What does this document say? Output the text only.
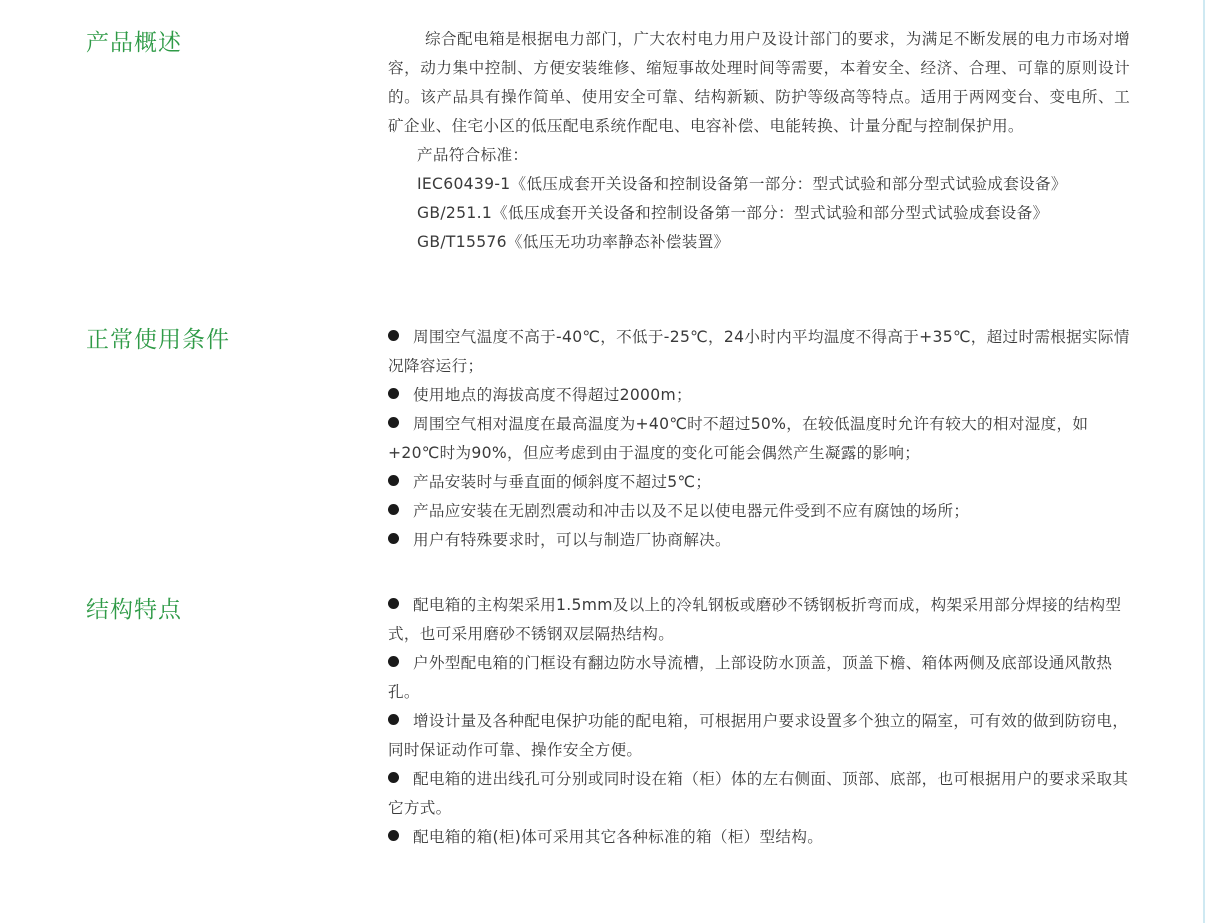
产品概述	综合配电箱是根据电力部门，广大农村电力用户及设计部门的要求，为满足不断发展的电力市场对增容，动力集中控制、方便安装维修、缩短事故处理时间等需要，本着安全、经济、合理、可靠的原则设计的。该产品具有操作简单、使用安全可靠、结构新颖、防护等级高等特点。适用于两网变台、变电所、工矿企业、住宅小区的低压配电系统作配电、电容补偿、电能转换、计量分配与控制保护用。

产品符合标准：

IEC60439-1《低压成套开关设备和控制设备第一部分：型式试验和部分型式试验成套设备》

GB/251.1《低压成套开关设备和控制设备第一部分：型式试验和部分型式试验成套设备》

GB/T15576《低压无功功率静态补偿装置》

正常使用条件	周围空气温度不高于-40℃，不低于-25℃，24小时内平均温度不得高于+35℃，超过时需根据实际情况降容运行；
使用地点的海拔高度不得超过2000m；
周围空气相对温度在最高温度为+40℃时不超过50%，在较低温度时允许有较大的相对湿度，如+20℃时为90%，但应考虑到由于温度的变化可能会偶然产生凝露的影响；
产品安装时与垂直面的倾斜度不超过5℃；
产品应安装在无剧烈震动和冲击以及不足以使电器元件受到不应有腐蚀的场所；
用户有特殊要求时，可以与制造厂协商解决。
结构特点	配电箱的主构架采用1.5mm及以上的冷轧钢板或磨砂不锈钢板折弯而成，构架采用部分焊接的结构型式，也可采用磨砂不锈钢双层隔热结构。
户外型配电箱的门框设有翻边防水导流槽，上部设防水顶盖，顶盖下檐、箱体两侧及底部设通风散热孔。
增设计量及各种配电保护功能的配电箱，可根据用户要求设置多个独立的隔室，可有效的做到防窃电，同时保证动作可靠、操作安全方便。
配电箱的进出线孔可分别或同时设在箱（柜）体的左右侧面、顶部、底部，也可根据用户的要求采取其它方式。
配电箱的箱(柜)体可采用其它各种标准的箱（柜）型结构。
